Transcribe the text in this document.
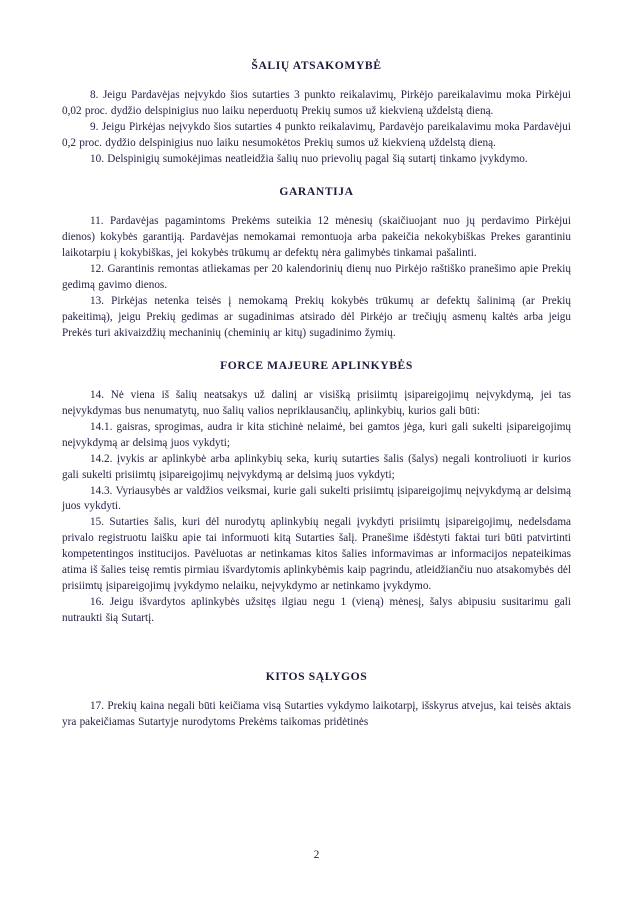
ŠALIŲ ATSAKOMYBĖ

8. Jeigu Pardavėjas neįvykdo šios sutarties 3 punkto reikalavimų, Pirkėjo pareikalavimu moka Pirkėjui 0,02 proc. dydžio delspinigius nuo laiku neperduotų Prekių sumos už kiekvieną uždelstą dieną.

9. Jeigu Pirkėjas neįvykdo šios sutarties 4 punkto reikalavimų, Pardavėjo pareikalavimu moka Pardavėjui 0,2 proc. dydžio delspinigius nuo laiku nesumokėtos Prekių sumos už kiekvieną uždelstą dieną.

10. Delspinigių sumokėjimas neatleidžia šalių nuo prievolių pagal šią sutartį tinkamo įvykdymo.

GARANTIJA

11. Pardavėjas pagamintoms Prekėms suteikia 12 mėnesių (skaičiuojant nuo jų perdavimo Pirkėjui dienos) kokybės garantiją. Pardavėjas nemokamai remontuoja arba pakeičia nekokybiškas Prekes garantiniu laikotarpiu į kokybiškas, jei kokybės trūkumų ar defektų nėra galimybės tinkamai pašalinti.

12. Garantinis remontas atliekamas per 20 kalendorinių dienų nuo Pirkėjo raštiško pranešimo apie Prekių gedimą gavimo dienos.

13. Pirkėjas netenka teisės į nemokamą Prekių kokybės trūkumų ar defektų šalinimą (ar Prekių pakeitimą), jeigu Prekių gedimas ar sugadinimas atsirado dėl Pirkėjo ar trečiųjų asmenų kaltės arba jeigu Prekės turi akivaizdžių mechaninių (cheminių ar kitų) sugadinimo žymių.

FORCE MAJEURE APLINKYBĖS

14. Nė viena iš šalių neatsakys už dalinį ar visišką prisiimtų įsipareigojimų neįvykdymą, jei tas neįvykdymas bus nenumatytų, nuo šalių valios nepriklausančių, aplinkybių, kurios gali būti:

14.1. gaisras, sprogimas, audra ir kita stichinė nelaimė, bei gamtos jėga, kuri gali sukelti įsipareigojimų neįvykdymą ar delsimą juos vykdyti;

14.2. įvykis ar aplinkybė arba aplinkybių seka, kurių sutarties šalis (šalys) negali kontroliuoti ir kurios gali sukelti prisiimtų įsipareigojimų neįvykdymą ar delsimą juos vykdyti;

14.3. Vyriausybės ar valdžios veiksmai, kurie gali sukelti prisiimtų įsipareigojimų neįvykdymą ar delsimą juos vykdyti.

15. Sutarties šalis, kuri dėl nurodytų aplinkybių negali įvykdyti prisiimtų įsipareigojimų, nedelsdama privalo registruotu laišku apie tai informuoti kitą Sutarties šalį. Pranešime išdėstyti faktai turi būti patvirtinti kompetentingos institucijos. Pavėluotas ar netinkamas kitos šalies informavimas ar informacijos nepateikimas atima iš šalies teisę remtis pirmiau išvardytomis aplinkybėmis kaip pagrindu, atleidžiančiu nuo atsakomybės dėl prisiimtų įsipareigojimų įvykdymo nelaiku, neįvykdymo ar netinkamo įvykdymo.

16. Jeigu išvardytos aplinkybės užsitęs ilgiau negu 1 (vieną) mėnesį, šalys abipusiu susitarimu gali nutraukti šią Sutartį.

KITOS SĄLYGOS

17. Prekių kaina negali būti keičiama visą Sutarties vykdymo laikotarpį, išskyrus atvejus, kai teisės aktais yra pakeičiamas Sutartyje nurodytoms Prekėms taikomas pridėtinės

2
